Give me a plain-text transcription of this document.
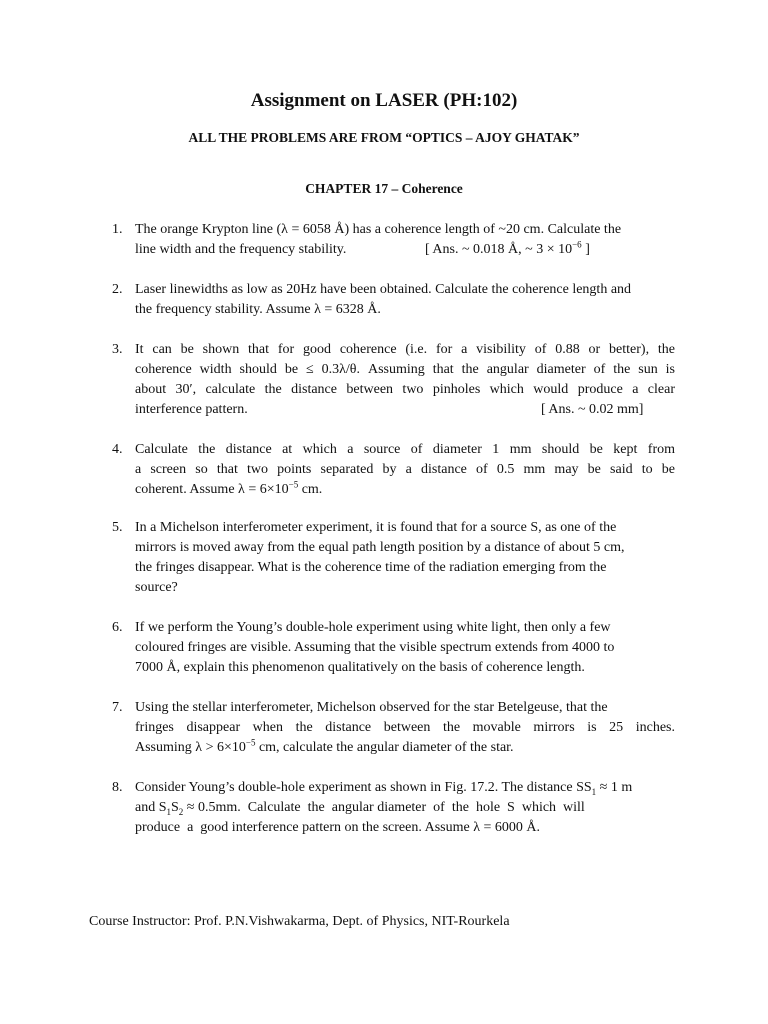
Assignment on LASER (PH:102)
ALL THE PROBLEMS ARE FROM “OPTICS – AJOY GHATAK”
CHAPTER 17 – Coherence
1. The orange Krypton line (λ = 6058 Å) has a coherence length of ~20 cm. Calculate the
line width and the frequency stability.	[ Ans. ~ 0.018 Å, ~ $3 \times 10^{-6}$ ]
2. Laser linewidths as low as 20Hz have been obtained. Calculate the coherence length and
the frequency stability. Assume λ = 6328 Å.
3. It can be shown that for good coherence (i.e. for a visibility of 0.88 or better), the
coherence width should be ≤ 0.3λ/θ. Assuming that the angular diameter of the sun is
about 30′, calculate the distance between two pinholes which would produce a clear
interference pattern.	[ Ans. ~ 0.02 mm]
4. Calculate the distance at which a source of diameter 1 mm should be kept from
a screen so that two points separated by a distance of 0.5 mm may be said to be
coherent. Assume $\lambda = 6\times 10^{-5}$ cm.
5. In a Michelson interferometer experiment, it is found that for a source S, as one of the
mirrors is moved away from the equal path length position by a distance of about 5 cm,
the fringes disappear. What is the coherence time of the radiation emerging from the
source?
6. If we perform the Young’s double-hole experiment using white light, then only a few
coloured fringes are visible. Assuming that the visible spectrum extends from 4000 to
7000 Å, explain this phenomenon qualitatively on the basis of coherence length.
7. Using the stellar interferometer, Michelson observed for the star Betelgeuse, that the
fringes disappear when the distance between the movable mirrors is 25 inches.
Assuming $\lambda > 6\times 10^{-5}$ cm, calculate the angular diameter of the star.
8. Consider Young’s double-hole experiment as shown in Fig. 17.2. The distance $SS_1 \approx 1$ m
and $S_1S_2 \approx 0.5mm$.  Calculate  the  angular diameter  of  the  hole  S  which  will
produce  a  good interference pattern on the screen. Assume λ = 6000 Å.
Course Instructor: Prof. P.N.Vishwakarma, Dept. of Physics, NIT-Rourkela
